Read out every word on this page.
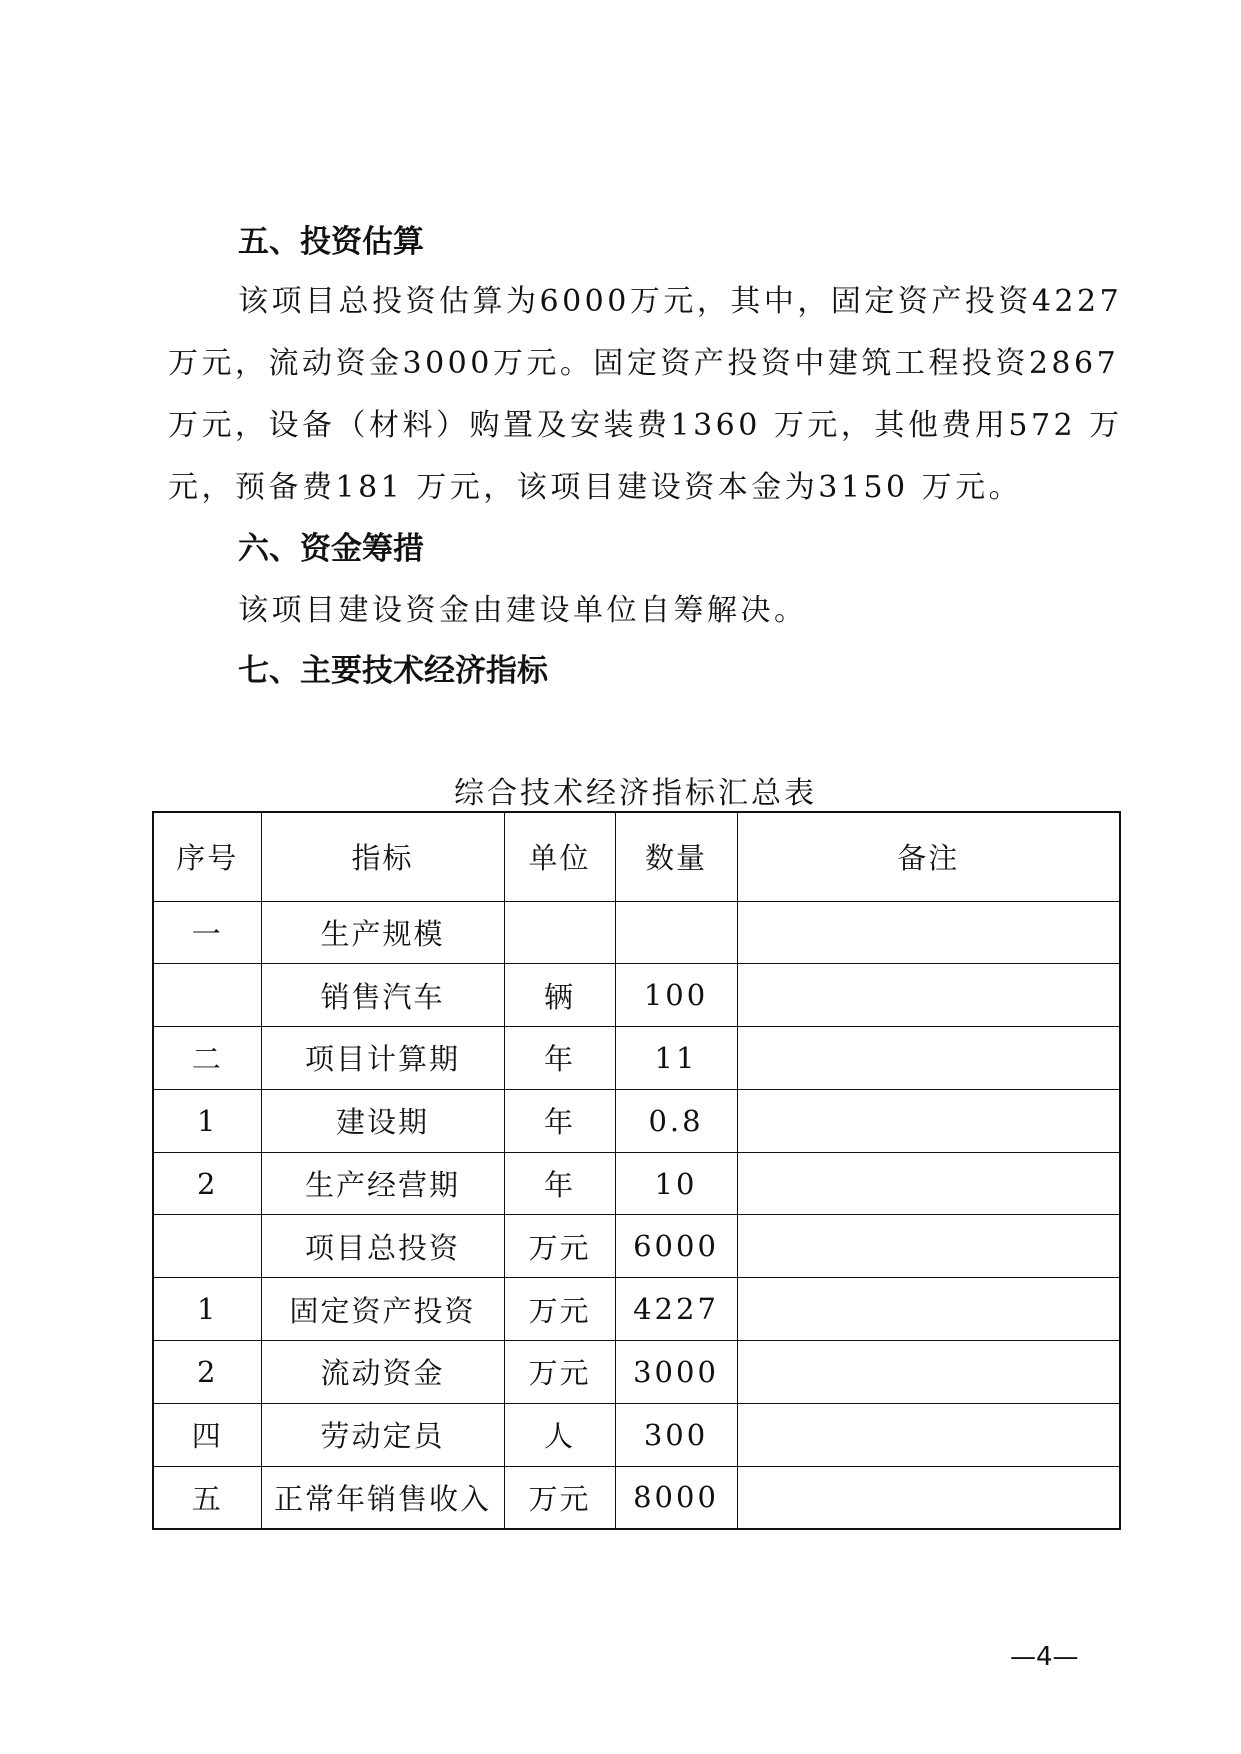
五、投资估算
该项目总投资估算为6000万元，其中，固定资产投资4227
万元，流动资金3000万元。固定资产投资中建筑工程投资2867
万元，设备（材料）购置及安装费1360 万元，其他费用572 万
元，预备费181 万元，该项目建设资本金为3150 万元。
六、资金筹措
该项目建设资金由建设单位自筹解决。
七、主要技术经济指标
综合技术经济指标汇总表
序号	指标	单位	数量	备注
一	生产规模			
	销售汽车	辆	100	
二	项目计算期	年	11	
1	建设期	年	0.8	
2	生产经营期	年	10	
	项目总投资	万元	6000	
1	固定资产投资	万元	4227	
2	流动资金	万元	3000	
四	劳动定员	人	300	
五	正常年销售收入	万元	8000	
—4—
